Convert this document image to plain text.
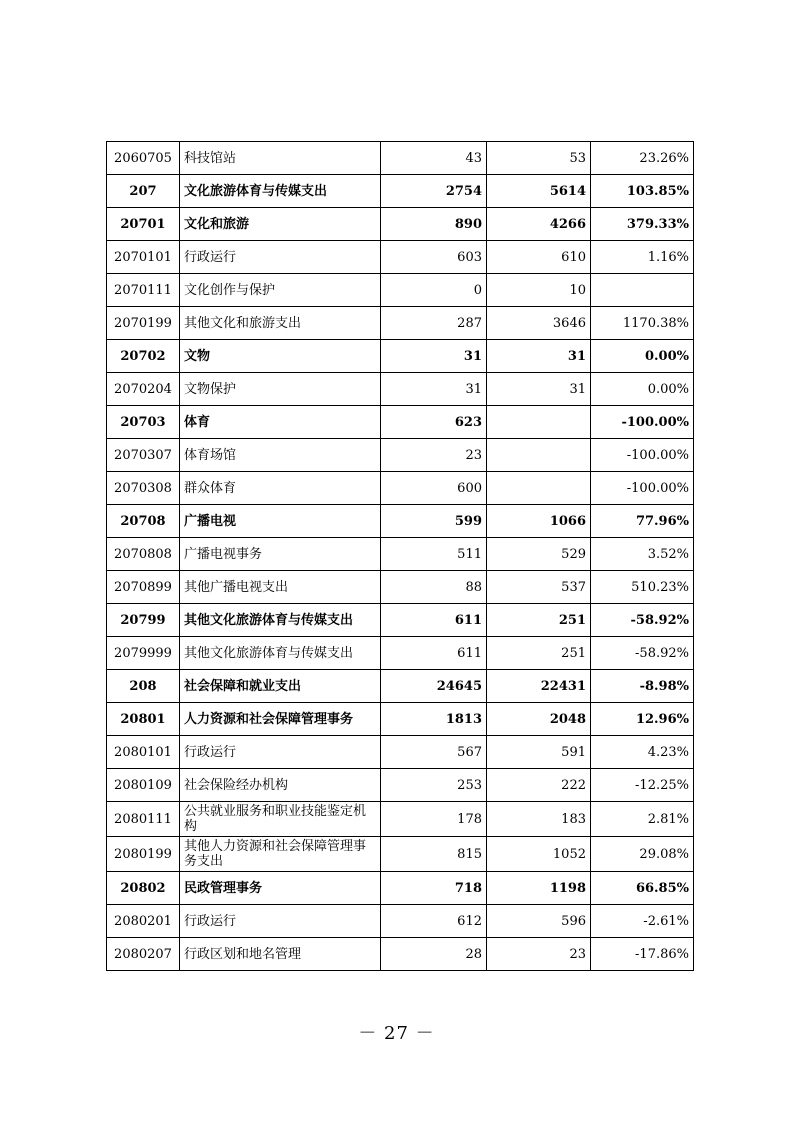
2060705	科技馆站	43	53	23.26%
207	文化旅游体育与传媒支出	2754	5614	103.85%
20701	文化和旅游	890	4266	379.33%
2070101	行政运行	603	610	1.16%
2070111	文化创作与保护	0	10	
2070199	其他文化和旅游支出	287	3646	1170.38%
20702	文物	31	31	0.00%
2070204	文物保护	31	31	0.00%
20703	体育	623		-100.00%
2070307	体育场馆	23		-100.00%
2070308	群众体育	600		-100.00%
20708	广播电视	599	1066	77.96%
2070808	广播电视事务	511	529	3.52%
2070899	其他广播电视支出	88	537	510.23%
20799	其他文化旅游体育与传媒支出	611	251	-58.92%
2079999	其他文化旅游体育与传媒支出	611	251	-58.92%
208	社会保障和就业支出	24645	22431	-8.98%
20801	人力资源和社会保障管理事务	1813	2048	12.96%
2080101	行政运行	567	591	4.23%
2080109	社会保险经办机构	253	222	-12.25%
2080111	公共就业服务和职业技能鉴定机构	178	183	2.81%
2080199	其他人力资源和社会保障管理事务支出	815	1052	29.08%
20802	民政管理事务	718	1198	66.85%
2080201	行政运行	612	596	-2.61%
2080207	行政区划和地名管理	28	23	-17.86%
－ 27 －
